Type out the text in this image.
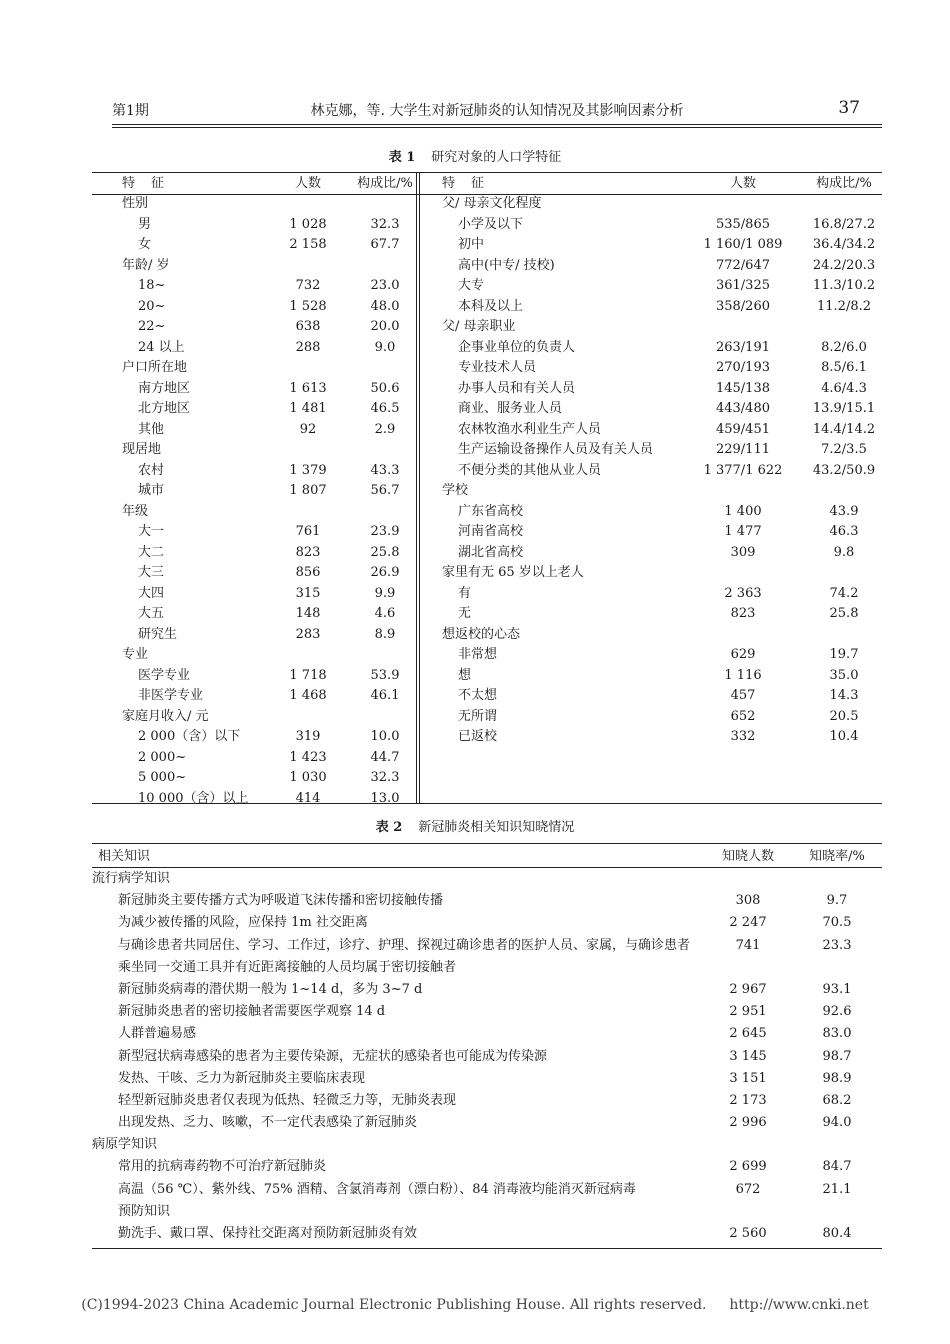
第1期	林克娜，等. 大学生对新冠肺炎的认知情况及其影响因素分析	37
表 1 研究对象的人口学特征
特征	人数	构成比/%
性别
男	1 028	32.3
女	2 158	67.7
年龄/ 岁
18~	732	23.0
20~	1 528	48.0
22~	638	20.0
24 以上	288	9.0
户口所在地
南方地区	1 613	50.6
北方地区	1 481	46.5
其他	92	2.9
现居地
农村	1 379	43.3
城市	1 807	56.7
年级
大一	761	23.9
大二	823	25.8
大三	856	26.9
大四	315	9.9
大五	148	4.6
研究生	283	8.9
专业
医学专业	1 718	53.9
非医学专业	1 468	46.1
家庭月收入/ 元
2 000（含）以下	319	10.0
2 000~	1 423	44.7
5 000~	1 030	32.3
10 000（含）以上	414	13.0
特征	人数	构成比/%
父/ 母亲文化程度
小学及以下	535/865	16.8/27.2
初中	1 160/1 089	36.4/34.2
高中(中专/ 技校)	772/647	24.2/20.3
大专	361/325	11.3/10.2
本科及以上	358/260	11.2/8.2
父/ 母亲职业
企事业单位的负责人	263/191	8.2/6.0
专业技术人员	270/193	8.5/6.1
办事人员和有关人员	145/138	4.6/4.3
商业、服务业人员	443/480	13.9/15.1
农林牧渔水利业生产人员	459/451	14.4/14.2
生产运输设备操作人员及有关人员	229/111	7.2/3.5
不便分类的其他从业人员	1 377/1 622	43.2/50.9
学校
广东省高校	1 400	43.9
河南省高校	1 477	46.3
湖北省高校	309	9.8
家里有无 65 岁以上老人
有	2 363	74.2
无	823	25.8
想返校的心态
非常想	629	19.7
想	1 116	35.0
不太想	457	14.3
无所谓	652	20.5
已返校	332	10.4
表 2 新冠肺炎相关知识知晓情况
相关知识	知晓人数	知晓率/%
流行病学知识
新冠肺炎主要传播方式为呼吸道飞沫传播和密切接触传播	308	9.7
为减少被传播的风险，应保持 1m 社交距离	2 247	70.5
与确诊患者共同居住、学习、工作过，诊疗、护理、探视过确诊患者的医护人员、家属，与确诊患者	741	23.3
乘坐同一交通工具并有近距离接触的人员均属于密切接触者
新冠肺炎病毒的潜伏期一般为 1~14 d，多为 3~7 d	2 967	93.1
新冠肺炎患者的密切接触者需要医学观察 14 d	2 951	92.6
人群普遍易感	2 645	83.0
新型冠状病毒感染的患者为主要传染源，无症状的感染者也可能成为传染源	3 145	98.7
发热、干咳、乏力为新冠肺炎主要临床表现	3 151	98.9
轻型新冠肺炎患者仅表现为低热、轻微乏力等，无肺炎表现	2 173	68.2
出现发热、乏力、咳嗽，不一定代表感染了新冠肺炎	2 996	94.0
病原学知识
常用的抗病毒药物不可治疗新冠肺炎	2 699	84.7
高温（56 ℃）、紫外线、75% 酒精、含氯消毒剂（漂白粉）、84 消毒液均能消灭新冠病毒	672	21.1
预防知识
勤洗手、戴口罩、保持社交距离对预防新冠肺炎有效	2 560	80.4
(C)1994-2023 China Academic Journal Electronic Publishing House. All rights reserved. http://www.cnki.net
